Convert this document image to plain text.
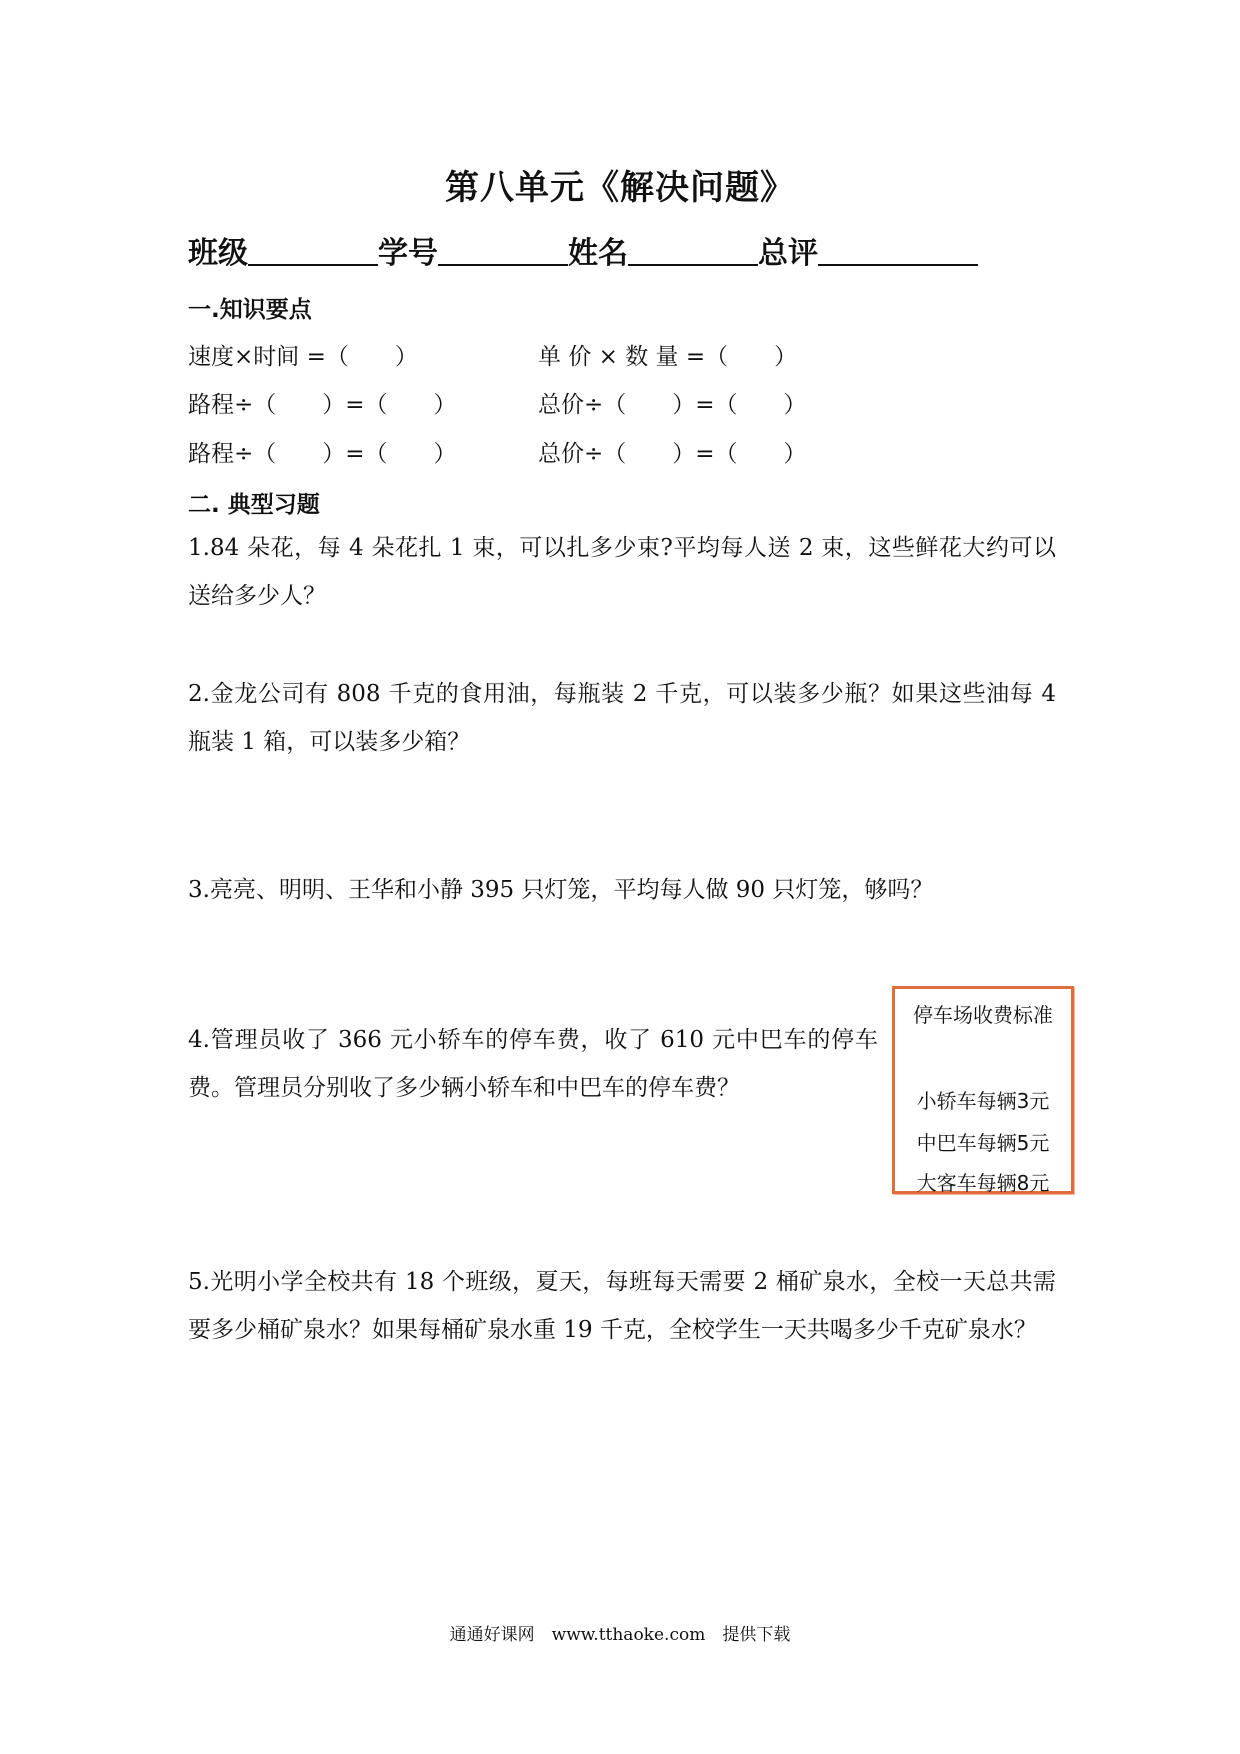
第八单元《解决问题》
班级	学号	姓名	总评
一.知识要点
速度×时间 =（　　）	单 价 × 数 量 =（　　）
路程÷（　　）=（　　）	总价÷（　　）=（　　）
路程÷（　　）=（　　）	总价÷（　　）=（　　）
二. 典型习题
1.84 朵花，每 4 朵花扎 1 束，可以扎多少束?平均每人送 2 束，这些鲜花大约可以送给多少人？
2.金龙公司有 808 千克的食用油，每瓶装 2 千克，可以装多少瓶？如果这些油每 4 瓶装 1 箱，可以装多少箱？
3.亮亮、明明、王华和小静 395 只灯笼，平均每人做 90 只灯笼，够吗？
4.管理员收了 366 元小轿车的停车费，收了 610 元中巴车的停车费。管理员分别收了多少辆小轿车和中巴车的停车费？
5.光明小学全校共有 18 个班级，夏天，每班每天需要 2 桶矿泉水，全校一天总共需要多少桶矿泉水？如果每桶矿泉水重 19 千克，全校学生一天共喝多少千克矿泉水？
停车场收费标准
小轿车每辆3元
中巴车每辆5元
大客车每辆8元
通通好课网　www.tthaoke.com　提供下载
